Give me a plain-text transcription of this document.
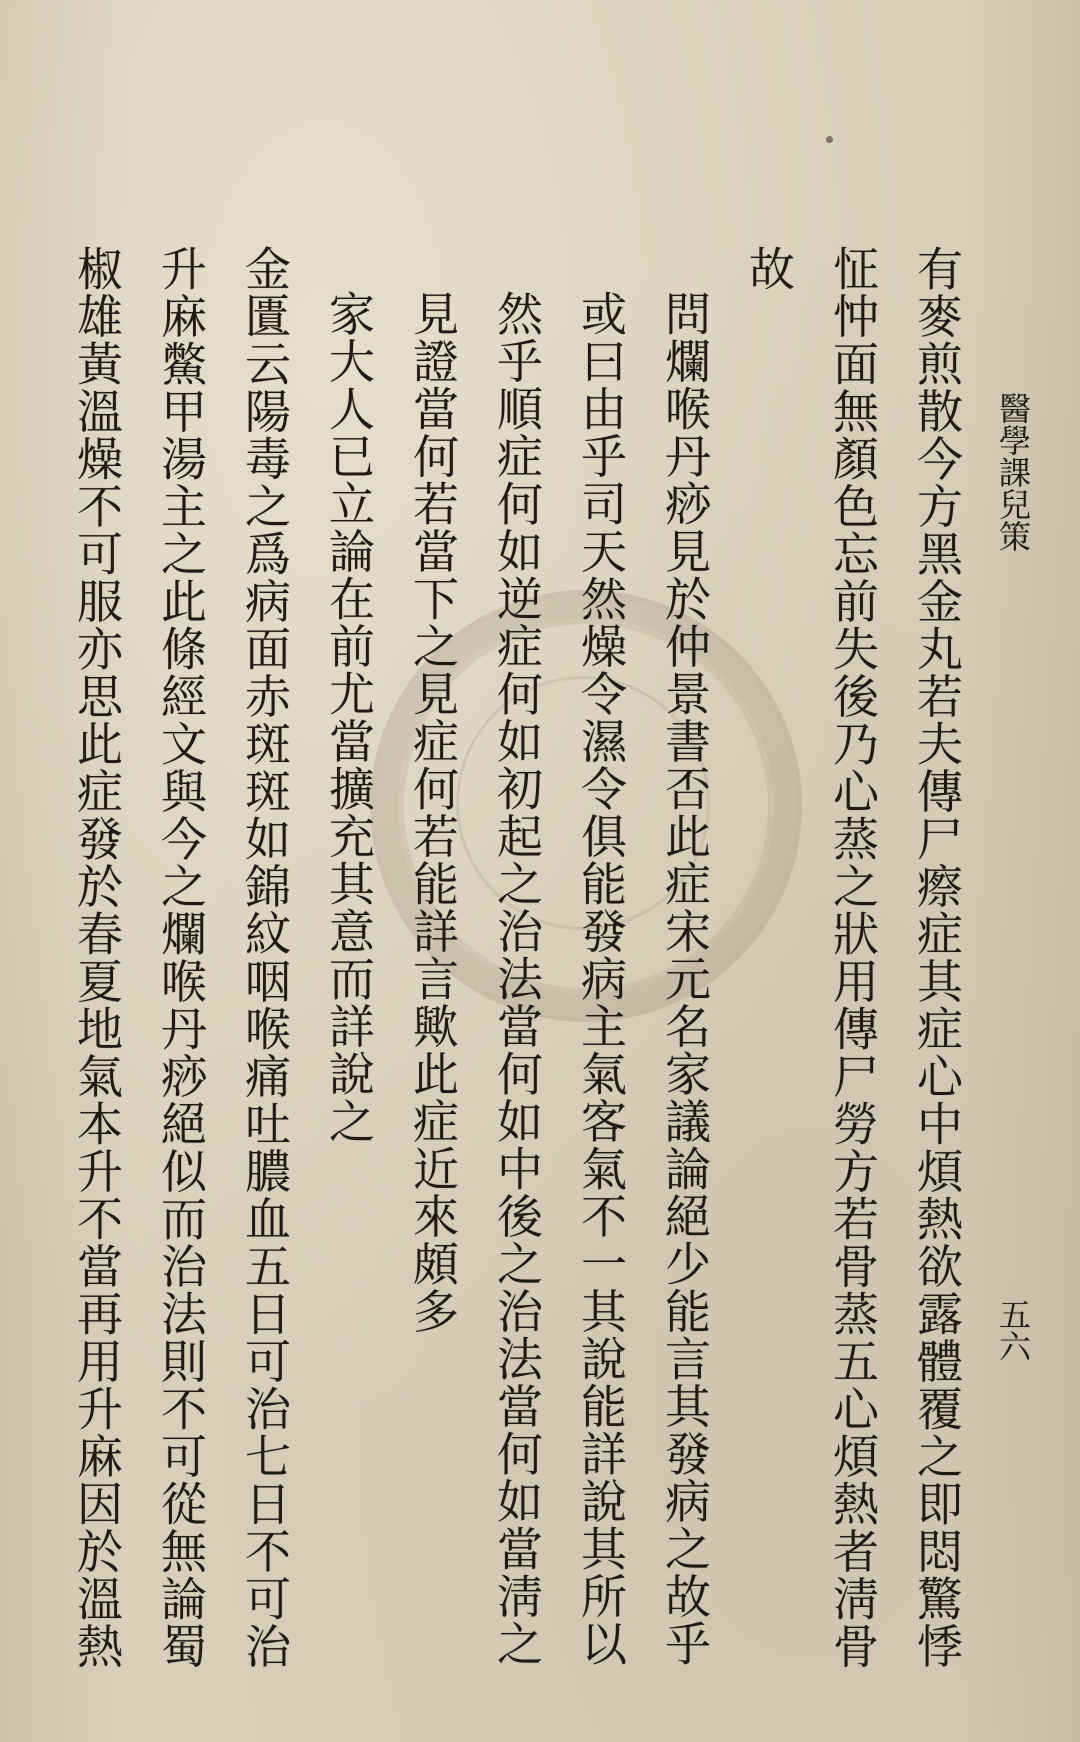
醫學課兒策
五六
有麥煎散今方黑金丸若夫傳尸瘵症其症心中煩熱欲露體覆之即悶驚悸
怔忡面無顏色忘前失後乃心蒸之狀用傳尸勞方若骨蒸五心煩熱者淸骨
故
問爛喉丹痧見於仲景書否此症宋元名家議論絕少能言其發病之故乎
或曰由乎司天然燥令濕令俱能發病主氣客氣不一其說能詳說其所以
然乎順症何如逆症何如初起之治法當何如中後之治法當何如當淸之
見證當何若當下之見症何若能詳言歟此症近來頗多
家大人已立論在前尤當擴充其意而詳說之
金匱云陽毒之爲病面赤斑斑如錦紋咽喉痛吐膿血五日可治七日不可治
升麻鱉甲湯主之此條經文與今之爛喉丹痧絕似而治法則不可從無論蜀
椒雄黃溫燥不可服亦思此症發於春夏地氣本升不當再用升麻因於溫熱
